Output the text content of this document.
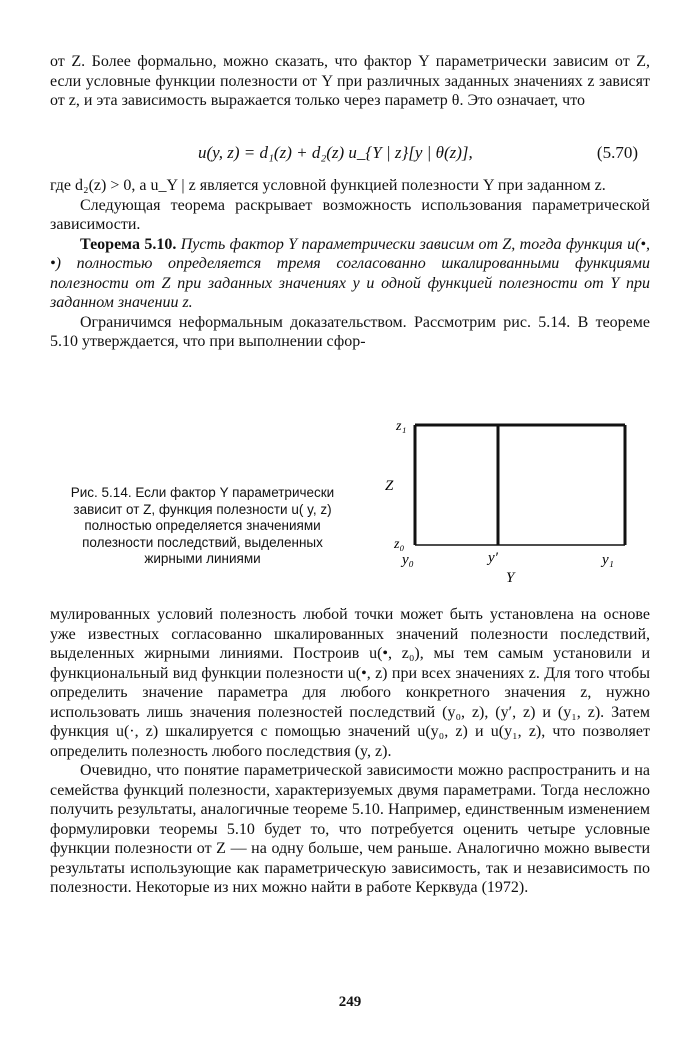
от Z. Более формально, можно сказать, что фактор Y параметрически зависим от Z, если условные функции полезности от Y при различных заданных значениях z зависят от z, и эта зависимость выражается только через параметр θ. Это означает, что

u(y, z) = d₁(z) + d₂(z) u_{Y | z}[y | θ(z)],	(5.70)

где d₂(z) > 0, а u_Y | z является условной функцией полезности Y при заданном z.

Следующая теорема раскрывает возможность использования параметрической зависимости.

Теорема 5.10. Пусть фактор Y параметрически зависим от Z, тогда функция u(•, •) полностью определяется тремя согласованно шкалированными функциями полезности от Z при заданных значениях y и одной функцией полезности от Y при заданном значении z.

Ограничимся неформальным доказательством. Рассмотрим рис. 5.14. В теореме 5.10 утверждается, что при выполнении сфор-

Рис. 5.14. Если фактор Y параметрически зависит от Z, функция полезности u( y, z) полностью определяется значениями полезности последствий, выделенных жирными линиями
z₁
Z
z₀
y₀	y′	y₁
Y

мулированных условий полезность любой точки может быть установлена на основе уже известных согласованно шкалированных значений полезности последствий, выделенных жирными линиями. Построив u(•, z₀), мы тем самым установили и функциональный вид функции полезности u(•, z) при всех значениях z. Для того чтобы определить значение параметра для любого конкретного значения z, нужно использовать лишь значения полезностей последствий (y₀, z), (y′, z) и (y₁, z). Затем функция u(·, z) шкалируется с помощью значений u(y₀, z) и u(y₁, z), что позволяет определить полезность любого последствия (y, z).

Очевидно, что понятие параметрической зависимости можно распространить и на семейства функций полезности, характеризуемых двумя параметрами. Тогда несложно получить результаты, аналогичные теореме 5.10. Например, единственным изменением формулировки теоремы 5.10 будет то, что потребуется оценить четыре условные функции полезности от Z — на одну больше, чем раньше. Аналогично можно вывести результаты использующие как параметрическую зависимость, так и независимость по полезности. Некоторые из них можно найти в работе Керквуда (1972).

249
